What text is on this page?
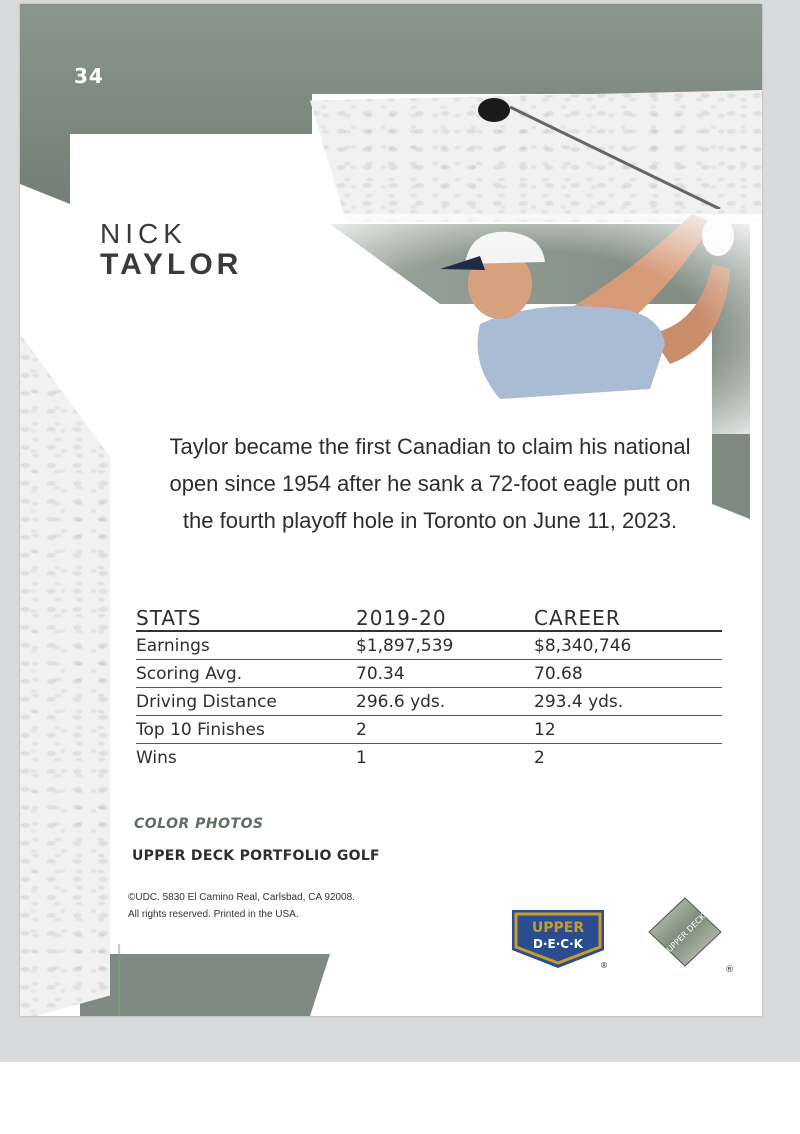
34
NICK
TAYLOR
Taylor became the first Canadian to claim his national
open since 1954 after he sank a 72-foot eagle putt on
the fourth playoff hole in Toronto on June 11, 2023.
STATS	2019-20	CAREER
Earnings	$1,897,539	$8,340,746
Scoring Avg.	70.34	70.68
Driving Distance	296.6 yds.	293.4 yds.
Top 10 Finishes	2	12
Wins	1	2
COLOR PHOTOS
UPPER DECK PORTFOLIO GOLF
©UDC. 5830 El Camino Real, Carlsbad, CA 92008.
All rights reserved. Printed in the USA.
UPPER
D·E·C·K
®
UPPER DECK
®
